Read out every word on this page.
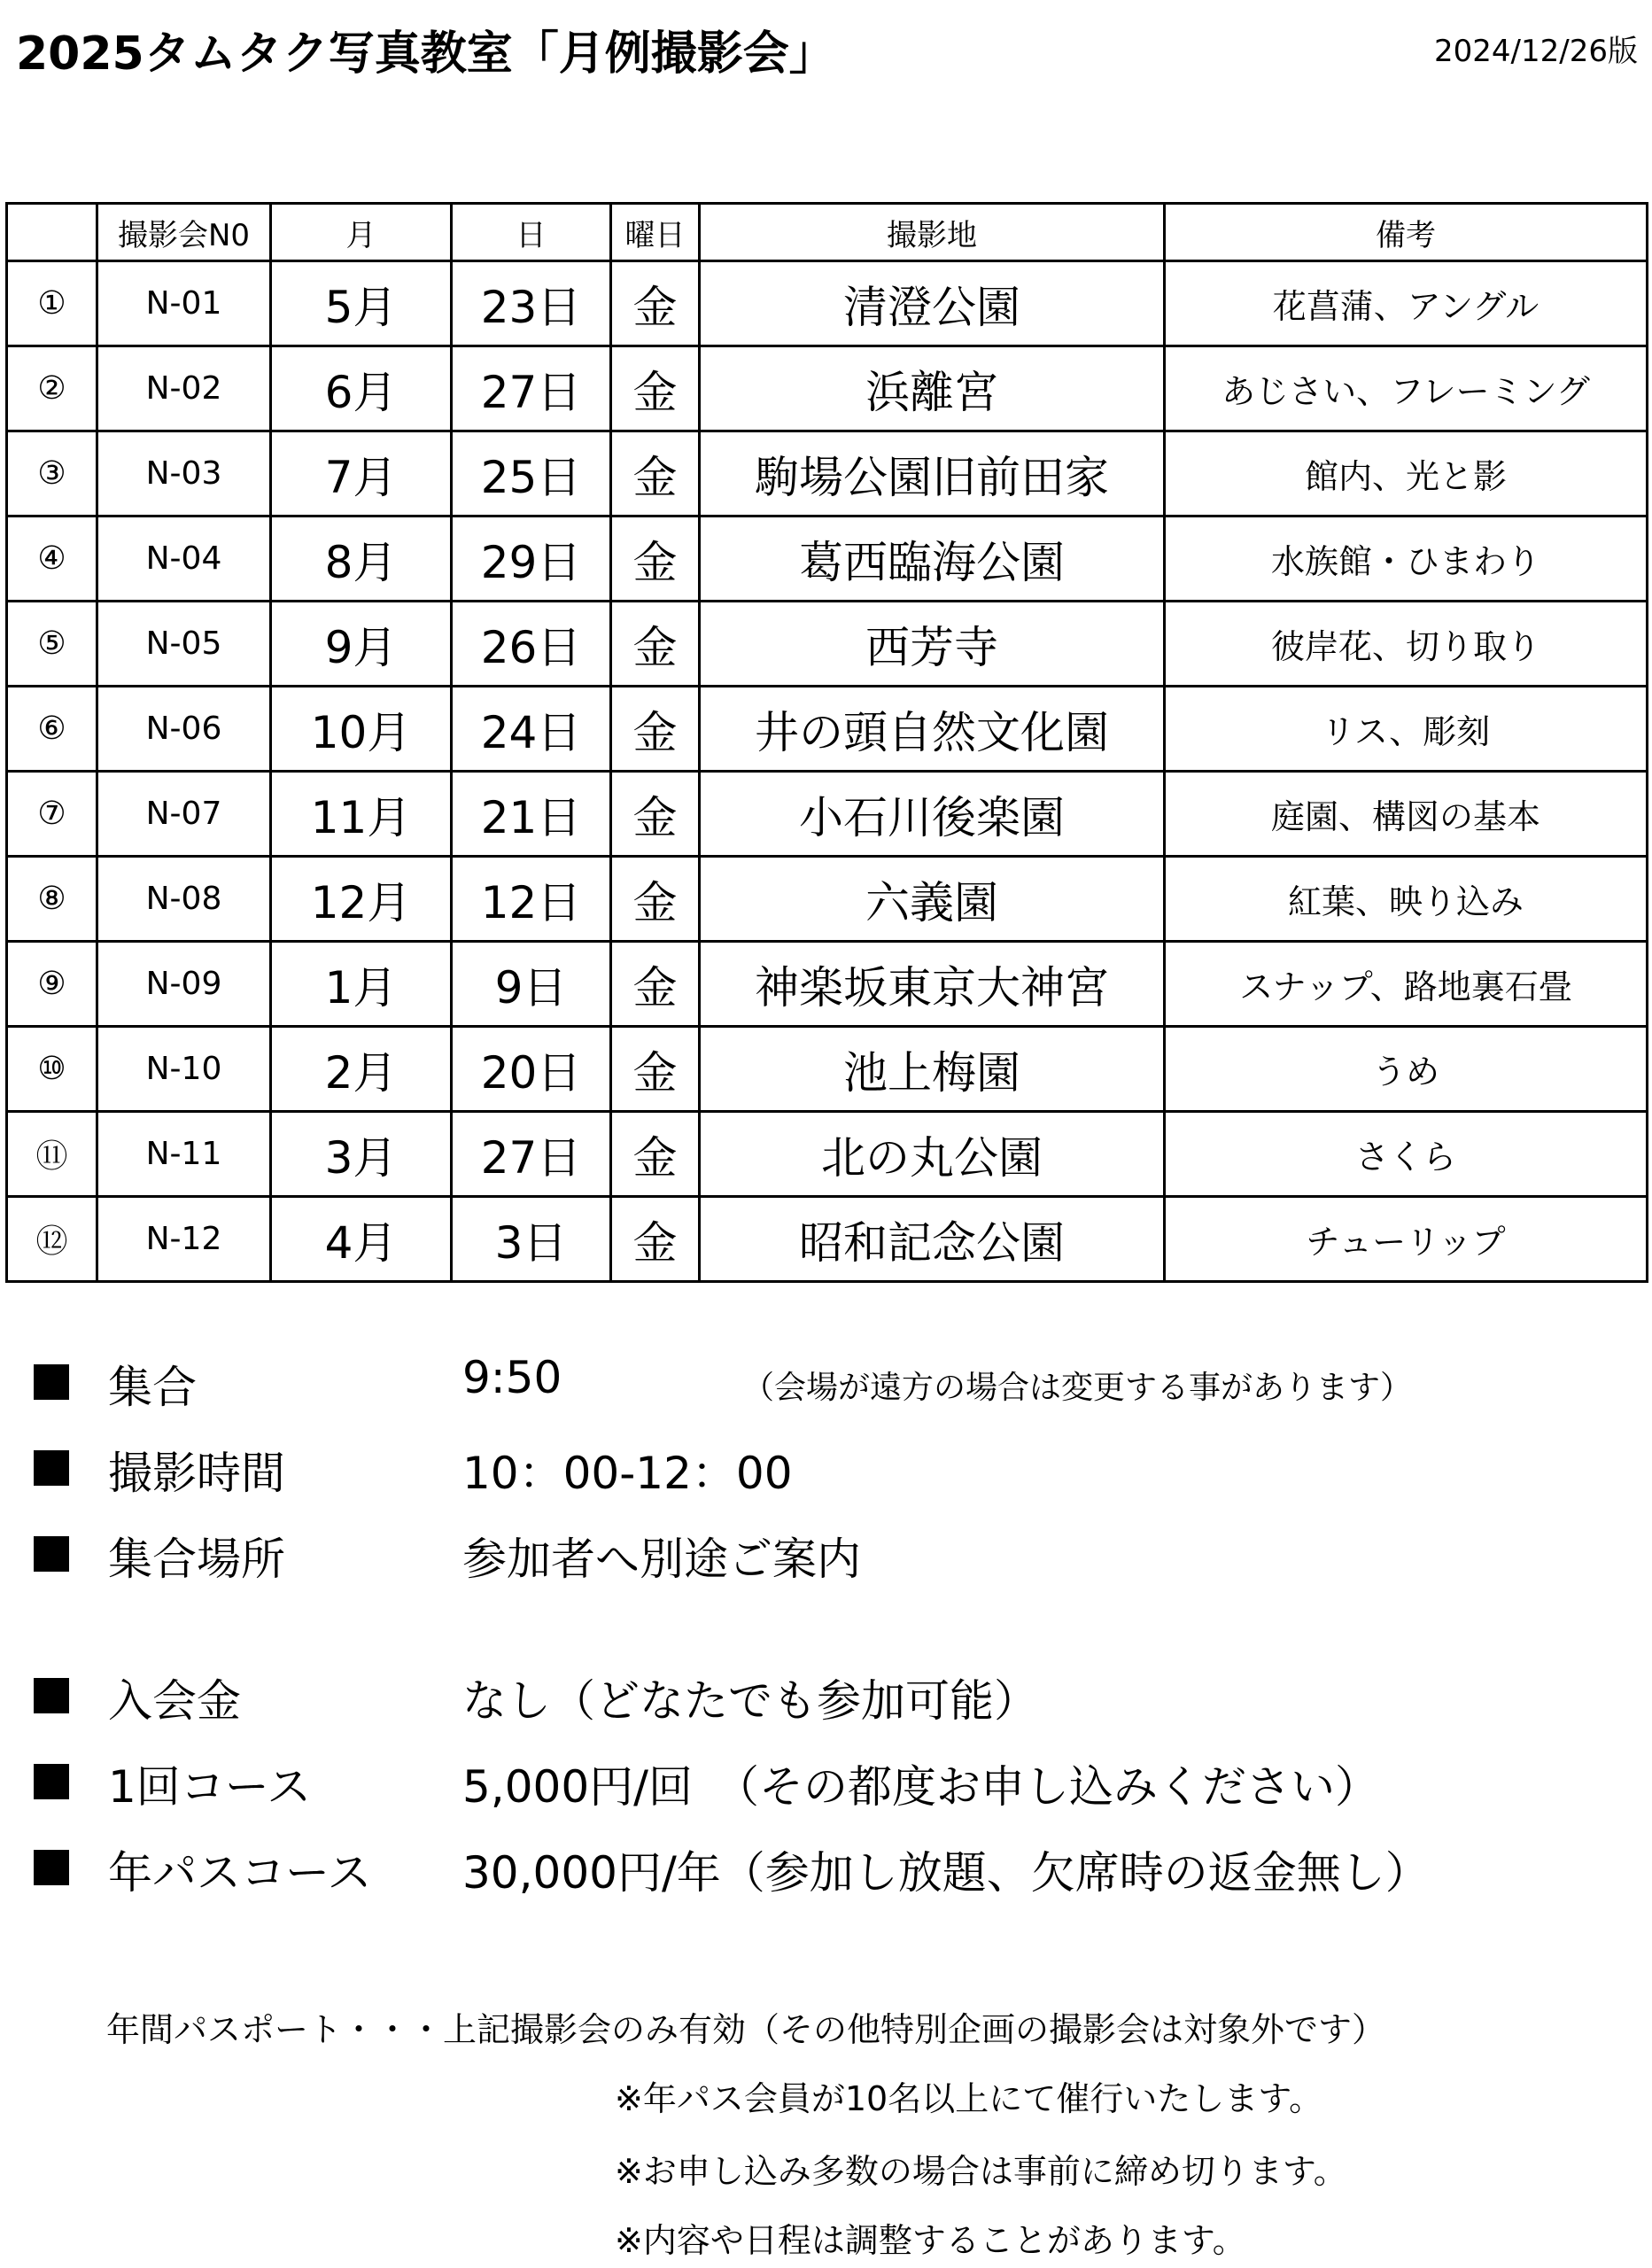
2025タムタク写真教室「月例撮影会」	2024/12/26版
	撮影会N0	月	日	曜日	撮影地	備考
①	N-01	5月	23日	金	清澄公園	花菖蒲、アングル
②	N-02	6月	27日	金	浜離宮	あじさい、フレーミング
③	N-03	7月	25日	金	駒場公園旧前田家	館内、光と影
④	N-04	8月	29日	金	葛西臨海公園	水族館・ひまわり
⑤	N-05	9月	26日	金	西芳寺	彼岸花、切り取り
⑥	N-06	10月	24日	金	井の頭自然文化園	リス、彫刻
⑦	N-07	11月	21日	金	小石川後楽園	庭園、構図の基本
⑧	N-08	12月	12日	金	六義園	紅葉、映り込み
⑨	N-09	1月	9日	金	神楽坂東京大神宮	スナップ、路地裏石畳
⑩	N-10	2月	20日	金	池上梅園	うめ
⑪	N-11	3月	27日	金	北の丸公園	さくら
⑫	N-12	4月	3日	金	昭和記念公園	チューリップ
集合	9:50	（会場が遠方の場合は変更する事があります）
撮影時間	10：00-12：00
集合場所	参加者へ別途ご案内
入会金	なし（どなたでも参加可能）
1回コース	5,000円/回　（その都度お申し込みください）
年パスコース 30,000円/年（参加し放題、欠席時の返金無し）
年間パスポート・・・上記撮影会のみ有効（その他特別企画の撮影会は対象外です）
※年パス会員が10名以上にて催行いたします。
※お申し込み多数の場合は事前に締め切ります。
※内容や日程は調整することがあります。
